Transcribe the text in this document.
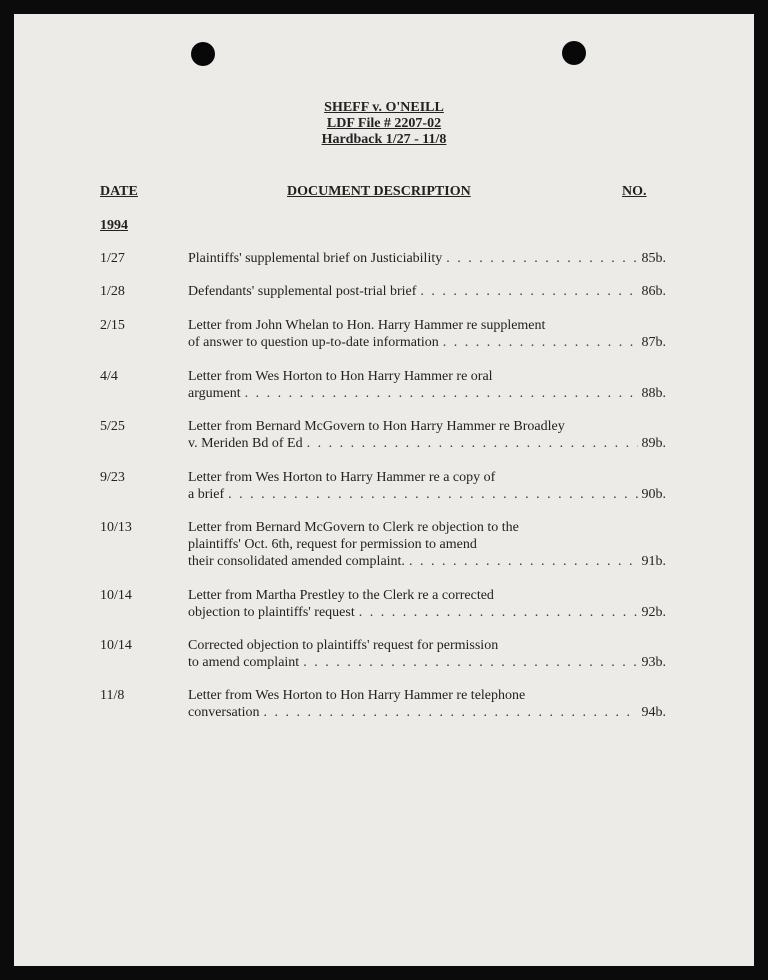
SHEFF v. O'NEILL
LDF File # 2207-02
Hardback 1/27 - 11/8
DATE	DOCUMENT DESCRIPTION	NO.
1994
1/27	Plaintiffs' supplemental brief on Justiciability . . .	85b.
1/28	Defendants' supplemental post-trial brief . . .	86b.
2/15	Letter from John Whelan to Hon. Harry Hammer re supplement
of answer to question up-to-date information . . .	87b.
4/4	Letter from Wes Horton to Hon Harry Hammer re oral
argument . . .	88b.
5/25	Letter from Bernard McGovern to Hon Harry Hammer re Broadley
v. Meriden Bd of Ed . . .	89b.
9/23	Letter from Wes Horton to Harry Hammer re a copy of
a brief . . .	90b.
10/13	Letter from Bernard McGovern to Clerk re objection to the
plaintiffs' Oct. 6th, request for permission to amend
their consolidated amended complaint. . . .	91b.
10/14	Letter from Martha Prestley to the Clerk re a corrected
objection to plaintiffs' request . . .	92b.
10/14	Corrected objection to plaintiffs' request for permission
to amend complaint . . .	93b.
11/8	Letter from Wes Horton to Hon Harry Hammer re telephone
conversation . . .	94b.
